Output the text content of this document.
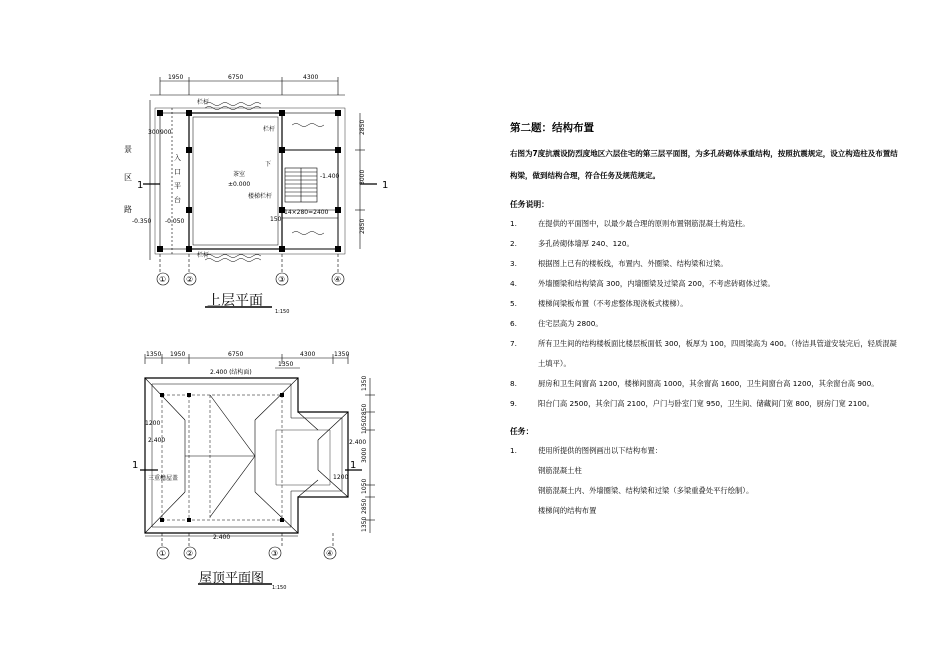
1950	6750	4300
栏杆
栏杆
栏杆
茶室
±0.000
楼梯栏杆
下
14×280=2400
150
-1.400
-0.350 -0.050
300 900
景
区
路
入
口
平
台
1	1
2850
3000
2850
① ②	③	④
上层平面
1:150
1350 1950	6750	4300	1350
1350
2.400 (结构面)
2.400
1200
2.400	2.400
1200
三重檐屋盖
1	1
1350
2850
1050
3000
1050
2850
1350
① ②	③	④
屋顶平面图
1:150
第二题：结构布置

右图为7度抗震设防烈度地区六层住宅的第三层平面图，为多孔砖砌体承重结构，按照抗震规定，设立构造柱及布置结构梁，做到结构合理，符合任务及规范规定。

任务说明：
1.	在提供的平面图中，以最少最合理的原则布置钢筋混凝土构造柱。
2.	多孔砖砌体墙厚 240、120。
3.	根据图上已有的楼板线，布置内、外圈梁、结构梁和过梁。
4.	外墙圈梁和结构梁高 300，内墙圈梁及过梁高 200，不考虑砖砌体过梁。
5.	楼梯间梁板布置（不考虑整体现浇板式楼梯）。
6.	住宅层高为 2800。
7.	所有卫生间的结构楼板面比楼层板面低 300，板厚为 100，四周梁高为 400。（待洁具管道安装完后，轻质混凝土填平）。
8.	厨房和卫生间窗高 1200，楼梯间窗高 1000，其余窗高 1600，卫生间窗台高 1200，其余窗台高 900。
9.	阳台门高 2500，其余门高 2100，户门与卧室门宽 950，卫生间、储藏间门宽 800，厨房门宽 2100。
任务：
1.	使用所提供的图例画出以下结构布置：
钢筋混凝土柱
钢筋混凝土内、外墙圈梁、结构梁和过梁（多梁重叠处平行绘制）。
楼梯间的结构布置
